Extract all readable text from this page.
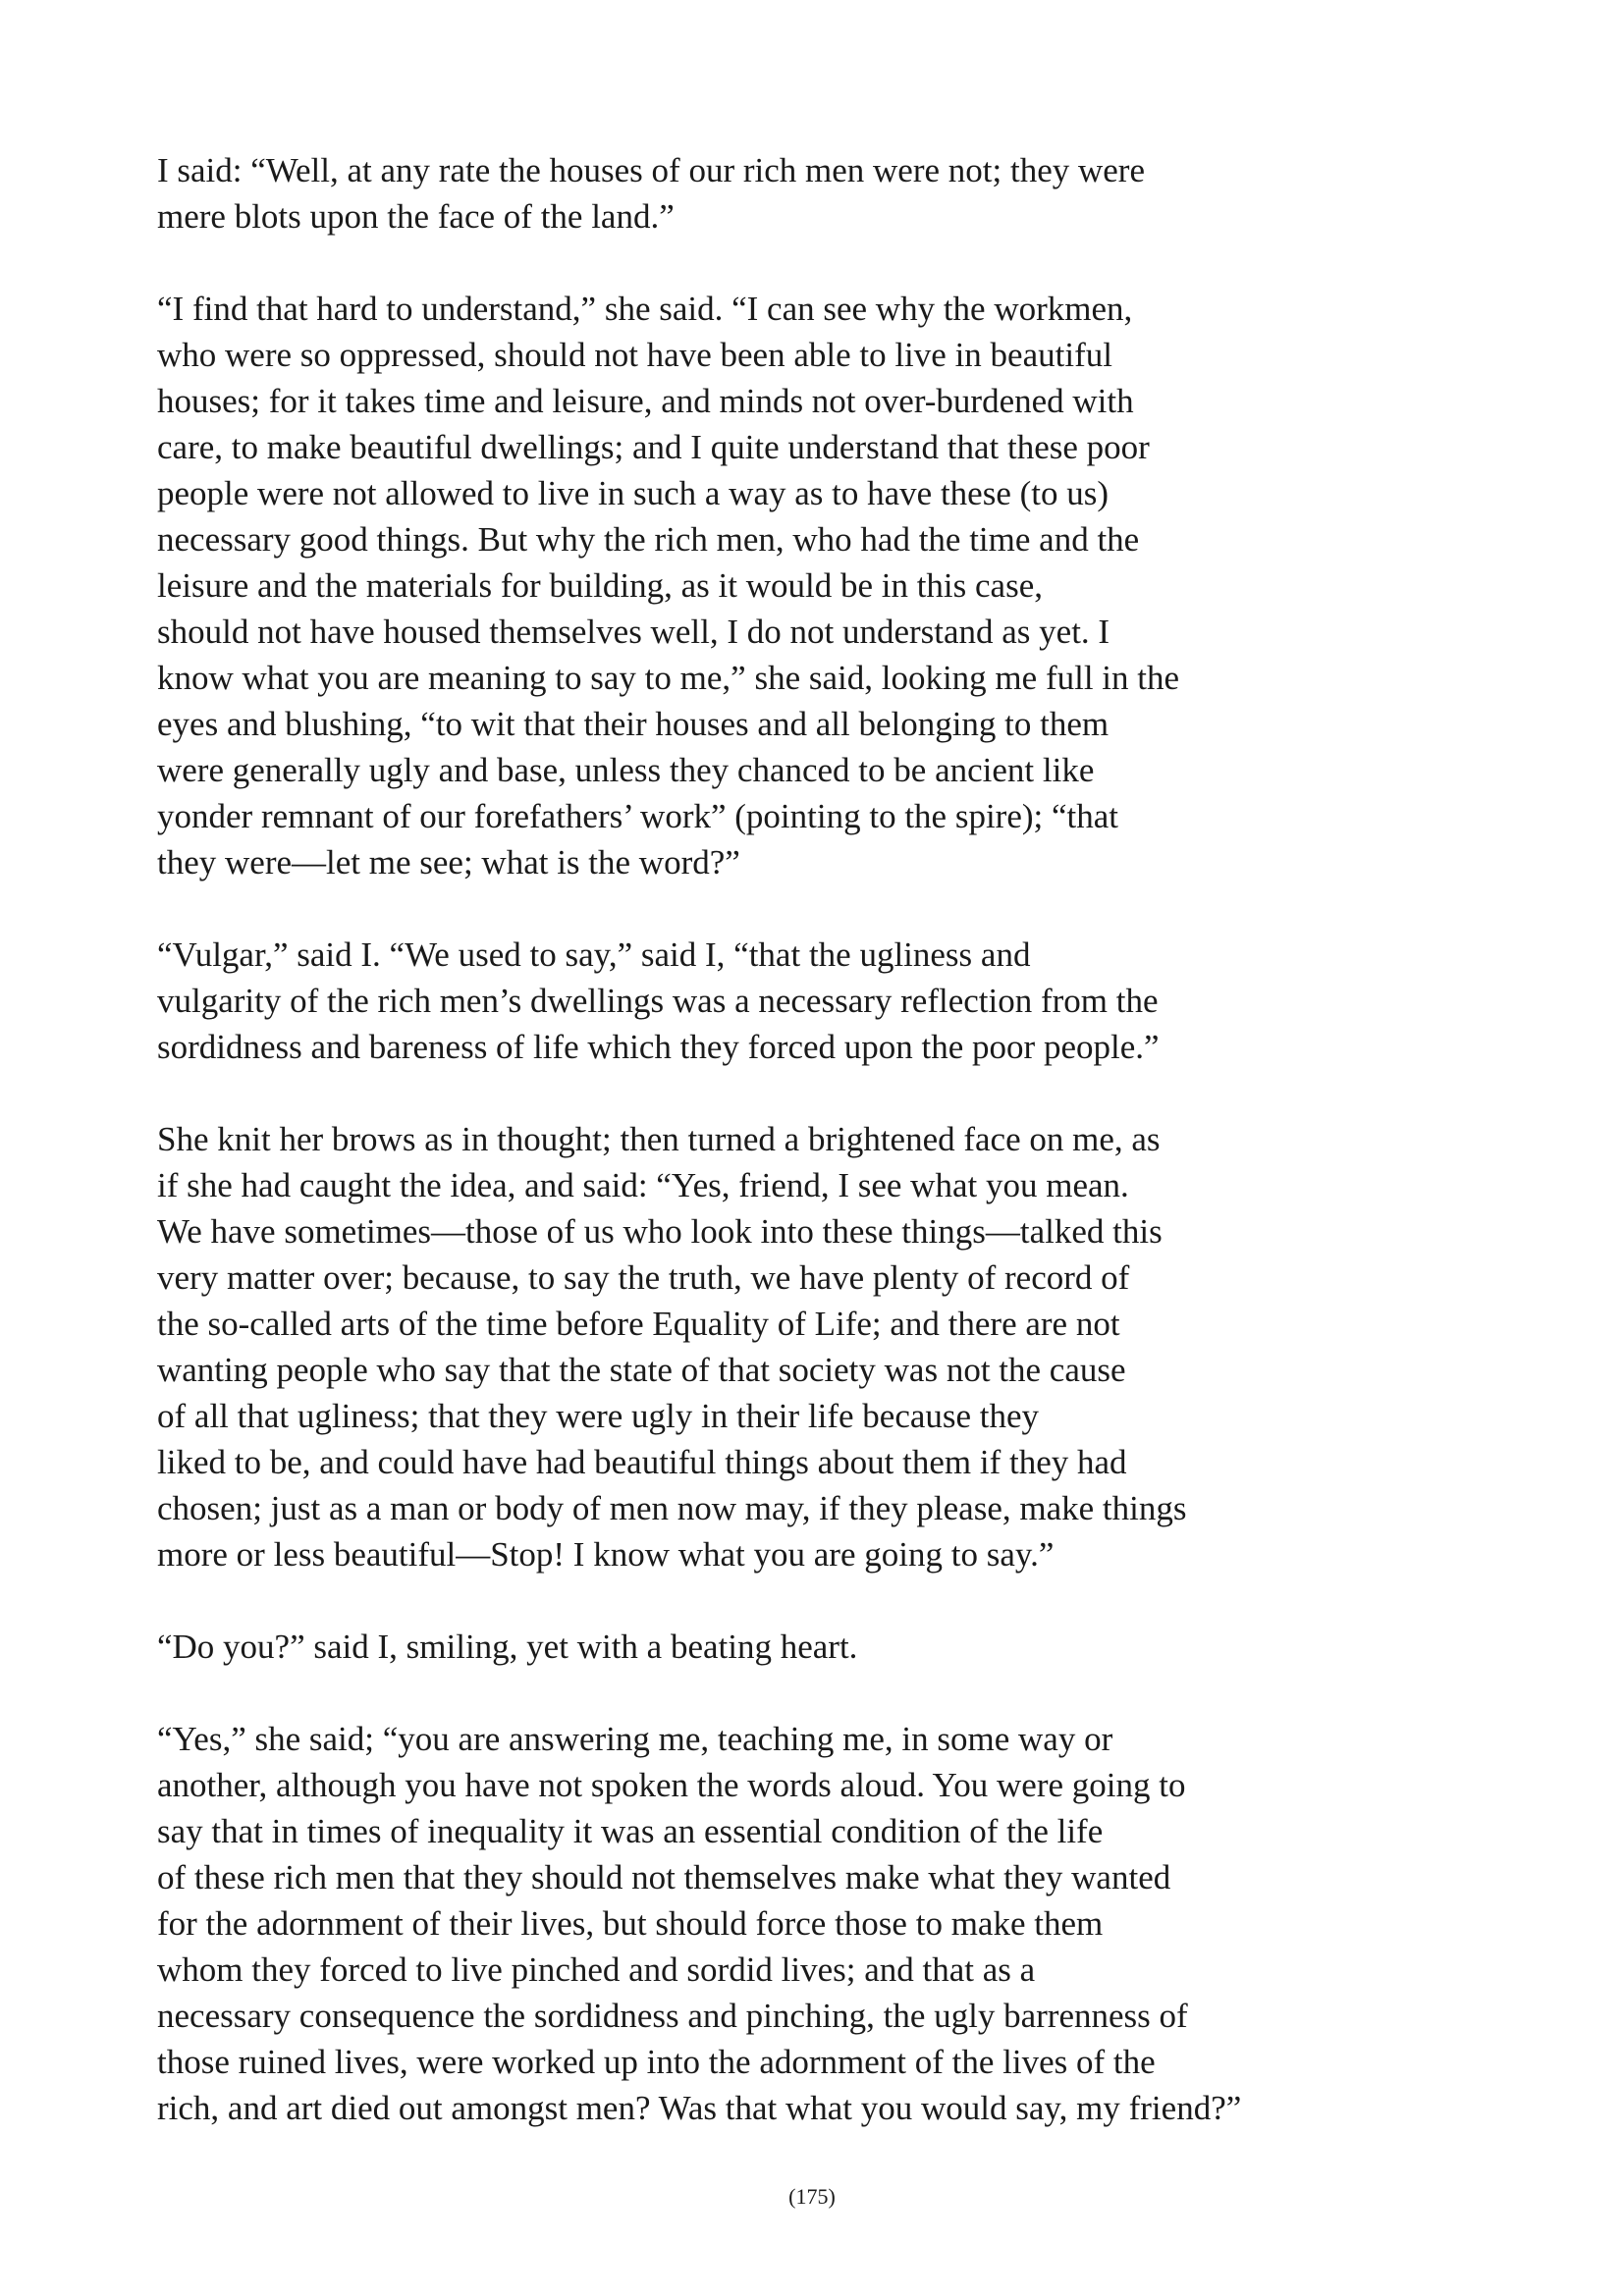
I said: “Well, at any rate the houses of our rich men were not; they were
mere blots upon the face of the land.”

“I find that hard to understand,” she said. “I can see why the workmen,
who were so oppressed, should not have been able to live in beautiful
houses; for it takes time and leisure, and minds not over-burdened with
care, to make beautiful dwellings; and I quite understand that these poor
people were not allowed to live in such a way as to have these (to us)
necessary good things. But why the rich men, who had the time and the
leisure and the materials for building, as it would be in this case,
should not have housed themselves well, I do not understand as yet. I
know what you are meaning to say to me,” she said, looking me full in the
eyes and blushing, “to wit that their houses and all belonging to them
were generally ugly and base, unless they chanced to be ancient like
yonder remnant of our forefathers’ work” (pointing to the spire); “that
they were—let me see; what is the word?”

“Vulgar,” said I. “We used to say,” said I, “that the ugliness and
vulgarity of the rich men’s dwellings was a necessary reflection from the
sordidness and bareness of life which they forced upon the poor people.”

She knit her brows as in thought; then turned a brightened face on me, as
if she had caught the idea, and said: “Yes, friend, I see what you mean.
We have sometimes—those of us who look into these things—talked this
very matter over; because, to say the truth, we have plenty of record of
the so-called arts of the time before Equality of Life; and there are not
wanting people who say that the state of that society was not the cause
of all that ugliness; that they were ugly in their life because they
liked to be, and could have had beautiful things about them if they had
chosen; just as a man or body of men now may, if they please, make things
more or less beautiful—Stop! I know what you are going to say.”

“Do you?” said I, smiling, yet with a beating heart.

“Yes,” she said; “you are answering me, teaching me, in some way or
another, although you have not spoken the words aloud. You were going to
say that in times of inequality it was an essential condition of the life
of these rich men that they should not themselves make what they wanted
for the adornment of their lives, but should force those to make them
whom they forced to live pinched and sordid lives; and that as a
necessary consequence the sordidness and pinching, the ugly barrenness of
those ruined lives, were worked up into the adornment of the lives of the
rich, and art died out amongst men? Was that what you would say, my friend?”

(175)
